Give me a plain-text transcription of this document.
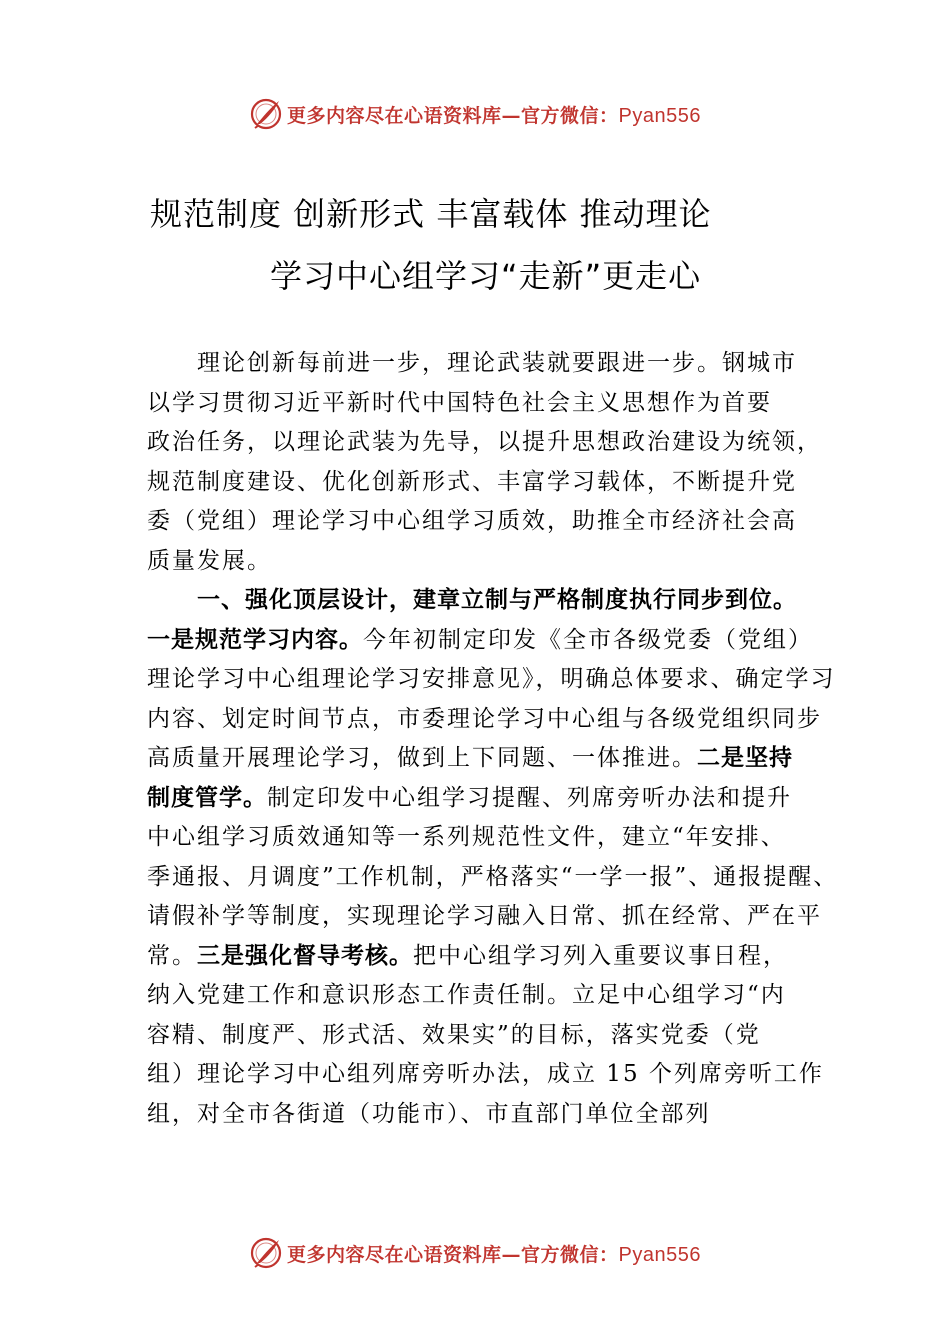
更多内容尽在心语资料库—官方微信：Pyan556
规范制度 创新形式 丰富载体 推动理论
学习中心组学习“走新”更走心
理论创新每前进一步，理论武装就要跟进一步。钢城市
以学习贯彻习近平新时代中国特色社会主义思想作为首要
政治任务，以理论武装为先导，以提升思想政治建设为统领，
规范制度建设、优化创新形式、丰富学习载体，不断提升党
委（党组）理论学习中心组学习质效，助推全市经济社会高
质量发展。
一、强化顶层设计，建章立制与严格制度执行同步到位。
一是规范学习内容。今年初制定印发《全市各级党委（党组）
理论学习中心组理论学习安排意见》，明确总体要求、确定学习
内容、划定时间节点，市委理论学习中心组与各级党组织同步
高质量开展理论学习，做到上下同题、一体推进。二是坚持
制度管学。制定印发中心组学习提醒、列席旁听办法和提升
中心组学习质效通知等一系列规范性文件，建立“年安排、
季通报、月调度”工作机制，严格落实“一学一报”、通报提醒、
请假补学等制度，实现理论学习融入日常、抓在经常、严在平
常。三是强化督导考核。把中心组学习列入重要议事日程，
纳入党建工作和意识形态工作责任制。立足中心组学习“内
容精、制度严、形式活、效果实”的目标，落实党委（党
组）理论学习中心组列席旁听办法，成立 15 个列席旁听工作
组，对全市各街道（功能市）、市直部门单位全部列
更多内容尽在心语资料库—官方微信：Pyan556
